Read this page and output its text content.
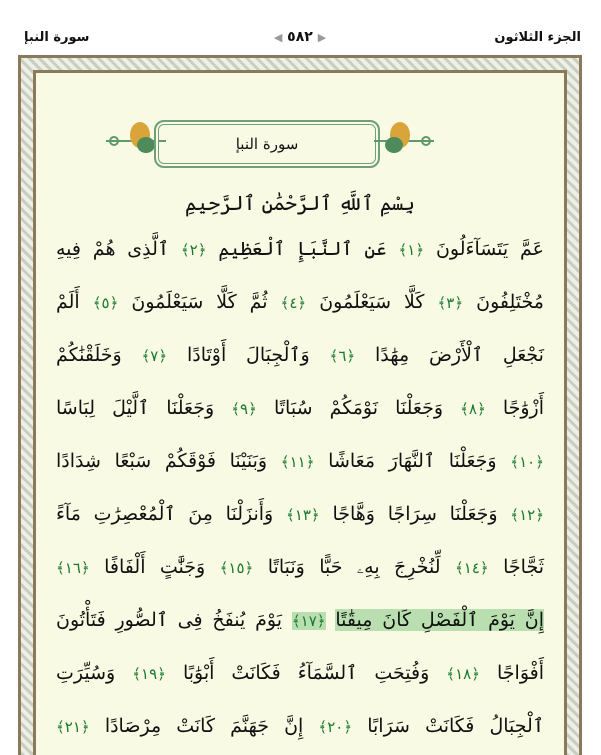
الجزء الثلاثون
◀ ٥٨٢ ▶
سورة النبإ
سورة النبإ
بِسْمِ ٱللَّهِ ٱلرَّحْمَٰنِ ٱلرَّحِيمِ
عَمَّ يَتَسَآءَلُونَ ﴿١﴾ عَنِ ٱلنَّبَإِ ٱلْعَظِيمِ ﴿٢﴾ ٱلَّذِى هُمْ فِيهِ
مُخْتَلِفُونَ ﴿٣﴾ كَلَّا سَيَعْلَمُونَ ﴿٤﴾ ثُمَّ كَلَّا سَيَعْلَمُونَ ﴿٥﴾ أَلَمْ
نَجْعَلِ ٱلْأَرْضَ مِهَٰدًا ﴿٦﴾ وَٱلْجِبَالَ أَوْتَادًا ﴿٧﴾ وَخَلَقْنَٰكُمْ
أَزْوَٰجًا ﴿٨﴾ وَجَعَلْنَا نَوْمَكُمْ سُبَاتًا ﴿٩﴾ وَجَعَلْنَا ٱلَّيْلَ لِبَاسًا
﴿١٠﴾ وَجَعَلْنَا ٱلنَّهَارَ مَعَاشًا ﴿١١﴾ وَبَنَيْنَا فَوْقَكُمْ سَبْعًا شِدَادًا
﴿١٢﴾ وَجَعَلْنَا سِرَاجًا وَهَّاجًا ﴿١٣﴾ وَأَنزَلْنَا مِنَ ٱلْمُعْصِرَٰتِ مَآءً
ثَجَّاجًا ﴿١٤﴾ لِّنُخْرِجَ بِهِۦ حَبًّا وَنَبَاتًا ﴿١٥﴾ وَجَنَّٰتٍ أَلْفَافًا ﴿١٦﴾
إِنَّ يَوْمَ ٱلْفَصْلِ كَانَ مِيقَٰتًا ﴿١٧﴾ يَوْمَ يُنفَخُ فِى ٱلصُّورِ فَتَأْتُونَ
أَفْوَاجًا ﴿١٨﴾ وَفُتِحَتِ ٱلسَّمَآءُ فَكَانَتْ أَبْوَٰبًا ﴿١٩﴾ وَسُيِّرَتِ
ٱلْجِبَالُ فَكَانَتْ سَرَابًا ﴿٢٠﴾ إِنَّ جَهَنَّمَ كَانَتْ مِرْصَادًا ﴿٢١﴾
